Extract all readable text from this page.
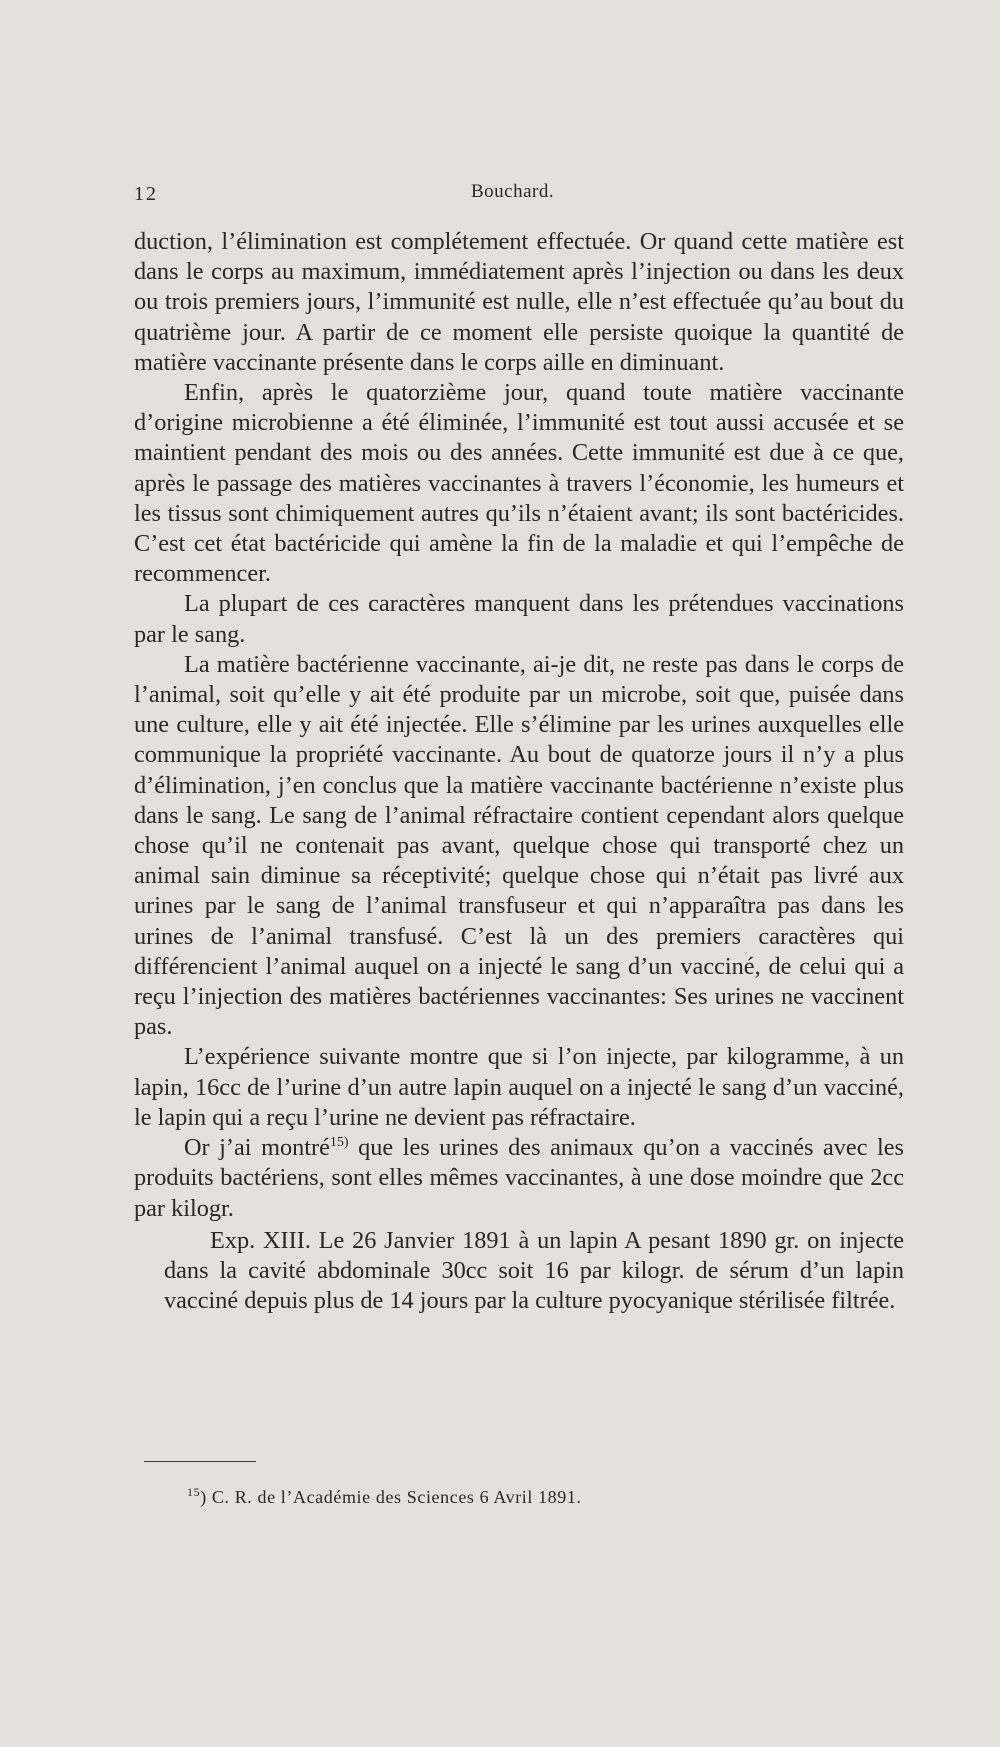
12	Bouchard.

duction, l’élimination est complétement effectuée. Or quand cette matière est dans le corps au maximum, immédiatement après l’injection ou dans les deux ou trois premiers jours, l’immunité est nulle, elle n’est effectuée qu’au bout du quatrième jour. A partir de ce moment elle persiste quoique la quantité de matière vaccinante présente dans le corps aille en diminuant.

Enfin, après le quatorzième jour, quand toute matière vaccinante d’origine microbienne a été éliminée, l’immunité est tout aussi accusée et se maintient pendant des mois ou des années. Cette immunité est due à ce que, après le passage des matières vaccinantes à travers l’économie, les humeurs et les tissus sont chimiquement autres qu’ils n’étaient avant; ils sont bactéricides. C’est cet état bactéricide qui amène la fin de la maladie et qui l’empêche de recommencer.

La plupart de ces caractères manquent dans les prétendues vaccinations par le sang.

La matière bactérienne vaccinante, ai-je dit, ne reste pas dans le corps de l’animal, soit qu’elle y ait été produite par un microbe, soit que, puisée dans une culture, elle y ait été injectée. Elle s’élimine par les urines auxquelles elle communique la propriété vaccinante. Au bout de quatorze jours il n’y a plus d’élimination, j’en conclus que la matière vaccinante bactérienne n’existe plus dans le sang. Le sang de l’animal réfractaire contient cependant alors quelque chose qu’il ne contenait pas avant, quelque chose qui transporté chez un animal sain diminue sa réceptivité; quelque chose qui n’était pas livré aux urines par le sang de l’animal transfuseur et qui n’apparaîtra pas dans les urines de l’animal transfusé. C’est là un des premiers caractères qui différencient l’animal auquel on a injecté le sang d’un vacciné, de celui qui a reçu l’injection des matières bactériennes vaccinantes: Ses urines ne vaccinent pas.

L’expérience suivante montre que si l’on injecte, par kilogramme, à un lapin, 16cc de l’urine d’un autre lapin auquel on a injecté le sang d’un vacciné, le lapin qui a reçu l’urine ne devient pas réfractaire.

Or j’ai montré$^{15)}$ que les urines des animaux qu’on a vaccinés avec les produits bactériens, sont elles mêmes vaccinantes, à une dose moindre que 2cc par kilogr.

Exp. XIII. Le 26 Janvier 1891 à un lapin A pesant 1890 gr. on injecte dans la cavité abdominale 30cc soit 16 par kilogr. de sérum d’un lapin vacciné depuis plus de 14 jours par la culture pyocyanique stérilisée filtrée.

$^{15}$) C. R. de l’Académie des Sciences 6 Avril 1891.
